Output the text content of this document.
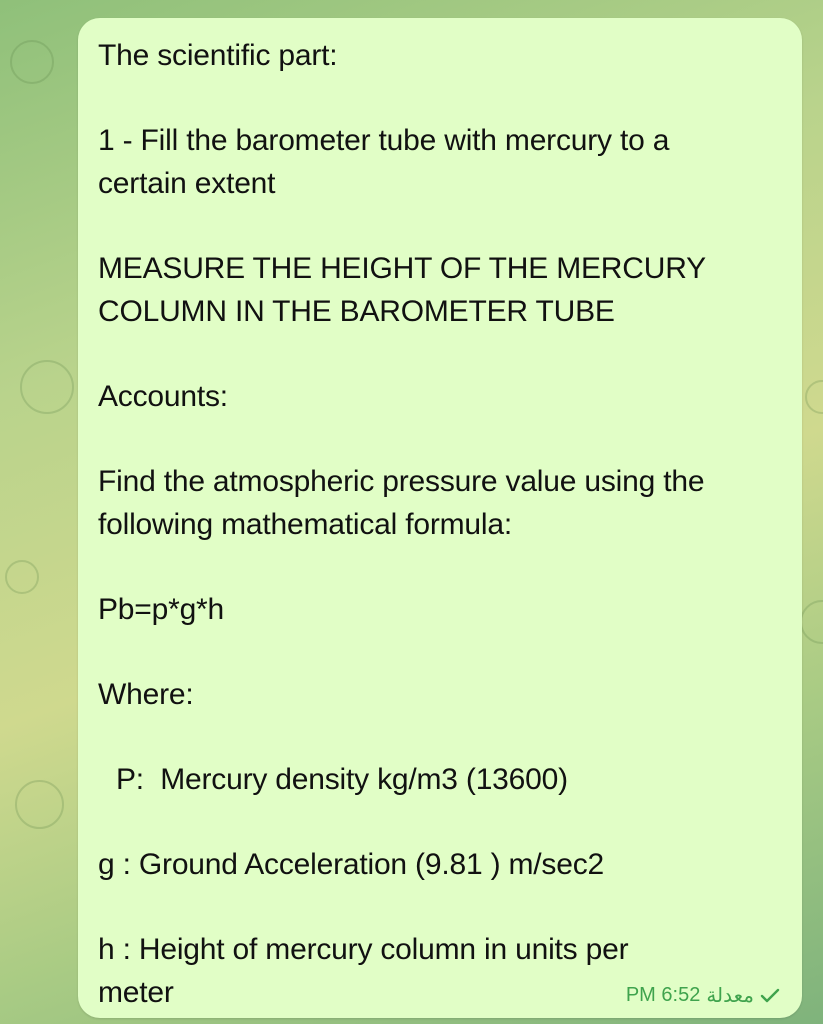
The scientific part:

1 - Fill the barometer tube with mercury to a

certain extent

MEASURE THE HEIGHT OF THE MERCURY

COLUMN IN THE BAROMETER TUBE

Accounts:

Find the atmospheric pressure value using the

following mathematical formula:

Pb=p*g*h

Where:

P:  Mercury density kg/m3 (13600)

g : Ground Acceleration (9.81 ) m/sec2

h : Height of mercury column in units per

meter	PM 6:52 معدلة
